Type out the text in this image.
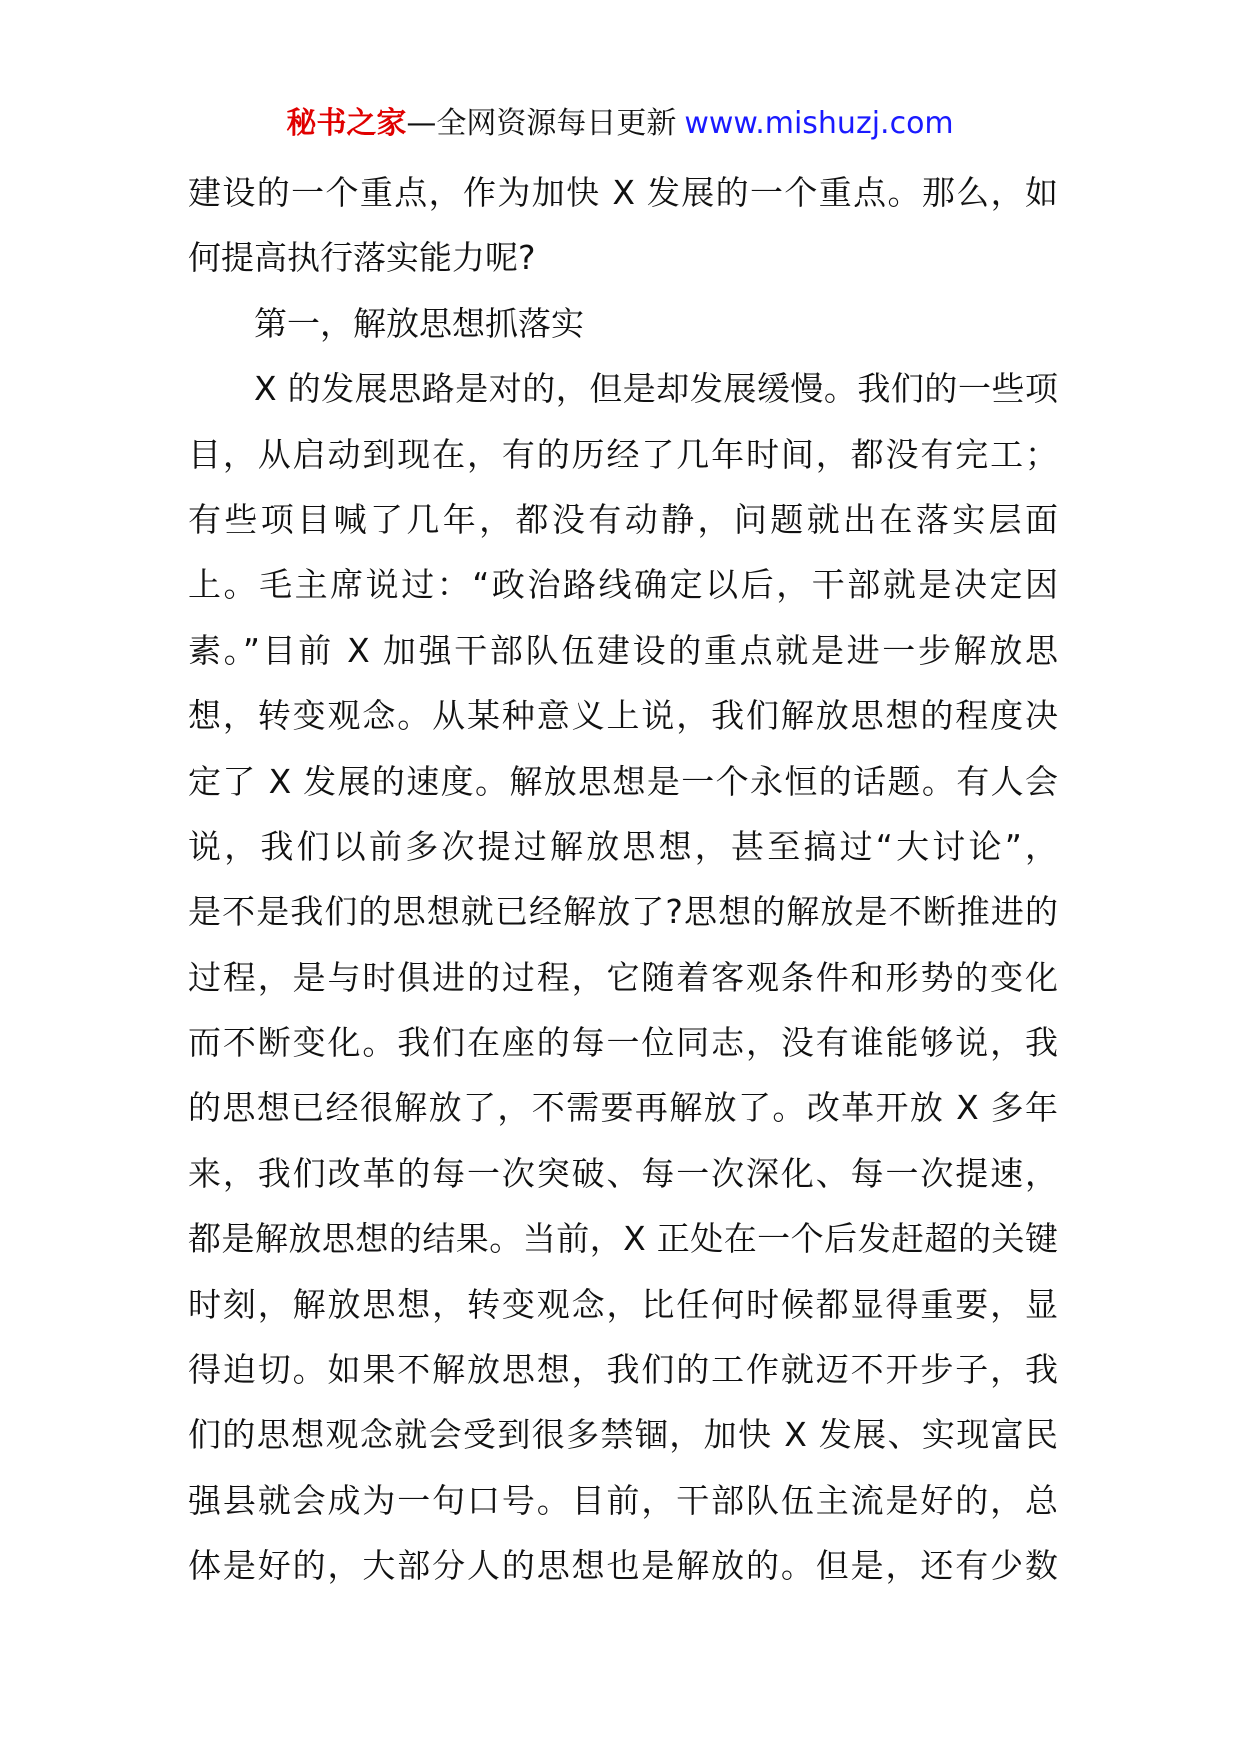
秘书之家—全网资源每日更新 www.mishuzj.com
建设的一个重点，作为加快 X 发展的一个重点。那么，如
何提高执行落实能力呢?
第一，解放思想抓落实
X 的发展思路是对的，但是却发展缓慢。我们的一些项
目，从启动到现在，有的历经了几年时间，都没有完工；
有些项目喊了几年，都没有动静，问题就出在落实层面
上。毛主席说过：“政治路线确定以后，干部就是决定因
素。”目前 X 加强干部队伍建设的重点就是进一步解放思
想，转变观念。从某种意义上说，我们解放思想的程度决
定了 X 发展的速度。解放思想是一个永恒的话题。有人会
说，我们以前多次提过解放思想，甚至搞过“大讨论”，
是不是我们的思想就已经解放了?思想的解放是不断推进的
过程，是与时俱进的过程，它随着客观条件和形势的变化
而不断变化。我们在座的每一位同志，没有谁能够说，我
的思想已经很解放了，不需要再解放了。改革开放 X 多年
来，我们改革的每一次突破、每一次深化、每一次提速，
都是解放思想的结果。当前，X 正处在一个后发赶超的关键
时刻，解放思想，转变观念，比任何时候都显得重要，显
得迫切。如果不解放思想，我们的工作就迈不开步子，我
们的思想观念就会受到很多禁锢，加快 X 发展、实现富民
强县就会成为一句口号。目前，干部队伍主流是好的，总
体是好的，大部分人的思想也是解放的。但是，还有少数
